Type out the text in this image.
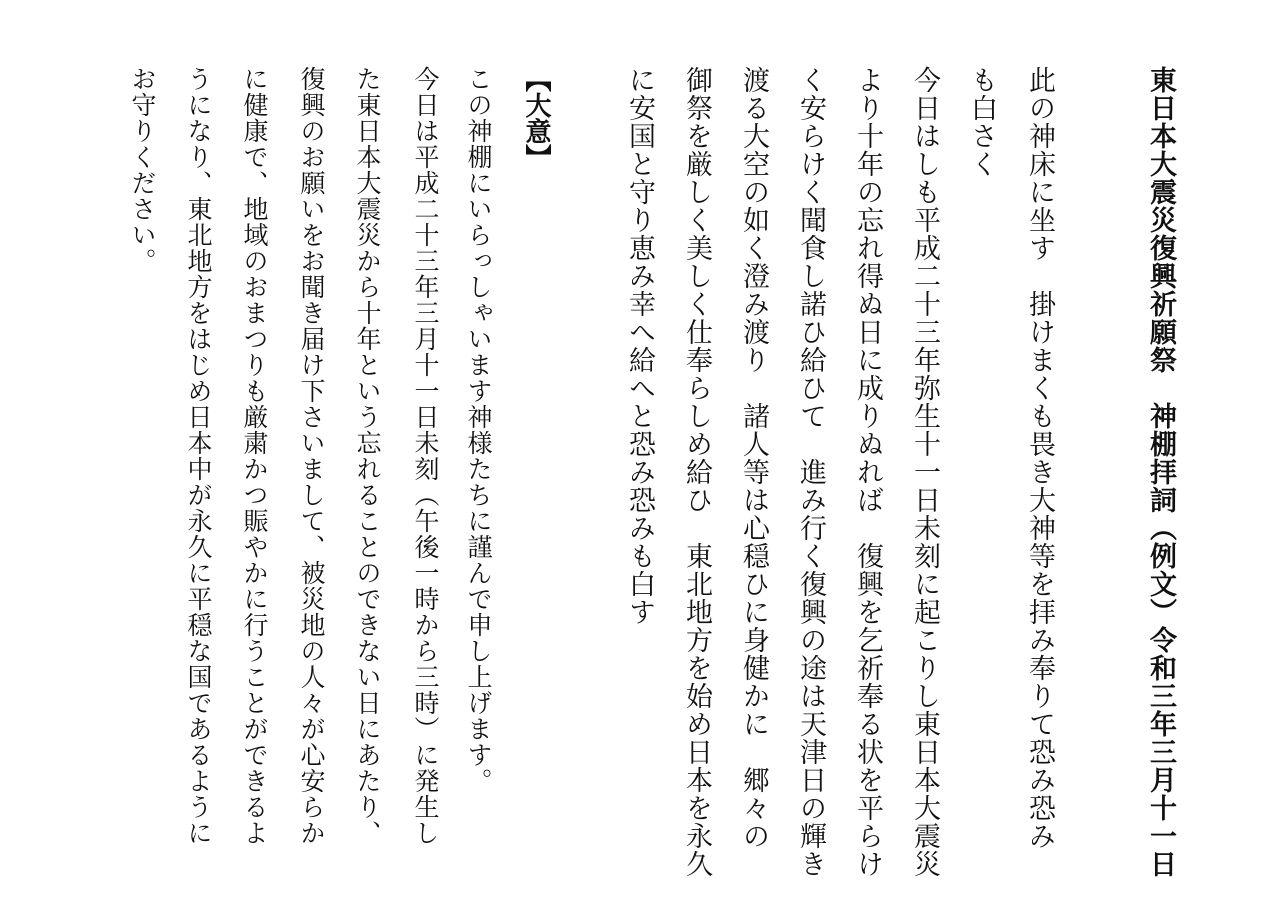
東日本大震災復興祈願祭　神棚拝詞（例文）令和三年三月十一日
此の神床に坐す　掛けまくも畏き大神等を拝み奉りて恐み恐み
も白さく
今日はしも平成二十三年弥生十一日未刻に起こりし東日本大震災
より十年の忘れ得ぬ日に成りぬれば　復興を乞祈奉る状を平らけ
く安らけく聞食し諾ひ給ひて　進み行く復興の途は天津日の輝き
渡る大空の如く澄み渡り　諸人等は心穏ひに身健かに　郷々の
御祭を厳しく美しく仕奉らしめ給ひ　東北地方を始め日本を永久
に安国と守り恵み幸へ給へと恐み恐みも白す
【大意】
この神棚にいらっしゃいます神様たちに謹んで申し上げます。
今日は平成二十三年三月十一日未刻（午後一時から三時）に発生し
た東日本大震災から十年という忘れることのできない日にあたり、
復興のお願いをお聞き届け下さいまして、被災地の人々が心安らか
に健康で、地域のおまつりも厳粛かつ賑やかに行うことができるよ
うになり、東北地方をはじめ日本中が永久に平穏な国であるように
お守りください。
